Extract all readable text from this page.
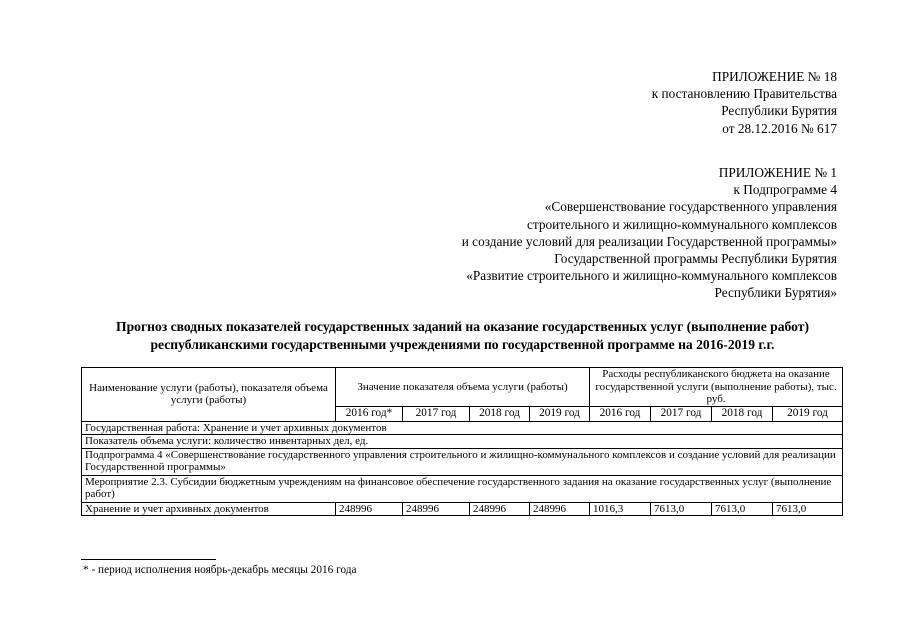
ПРИЛОЖЕНИЕ № 18
к постановлению Правительства
Республики Бурятия
от 28.12.2016 № 617
ПРИЛОЖЕНИЕ № 1
к Подпрограмме 4
«Совершенствование государственного управления
строительного и жилищно-коммунального комплексов
и создание условий для реализации Государственной программы»
Государственной программы Республики Бурятия
«Развитие строительного и жилищно-коммунального комплексов
Республики Бурятия»
Прогноз сводных показателей государственных заданий на оказание государственных услуг (выполнение работ) республиканскими государственными учреждениями по государственной программе на 2016-2019 г.г.
Наименование услуги (работы), показателя объема услуги (работы)	Значение показателя объема услуги (работы)				Расходы республиканского бюджета на оказание государственной услуги (выполнение работы), тыс. руб.			
	2016 год*	2017 год	2018 год	2019 год	2016 год	2017 год	2018 год	2019 год
Государственная работа: Хранение и учет архивных документов								
Показатель объема услуги: количество инвентарных дел, ед.								
Подпрограмма 4 «Совершенствование государственного управления строительного и жилищно-коммунального комплексов и создание условий для реализации Государственной программы»								
Мероприятие 2.3. Субсидии бюджетным учреждениям на финансовое обеспечение государственного задания на оказание государственных услуг (выполнение работ)								
Хранение и учет архивных документов	248996	248996	248996	248996	1016,3	7613,0	7613,0	7613,0
* - период исполнения ноябрь-декабрь месяцы 2016 года
